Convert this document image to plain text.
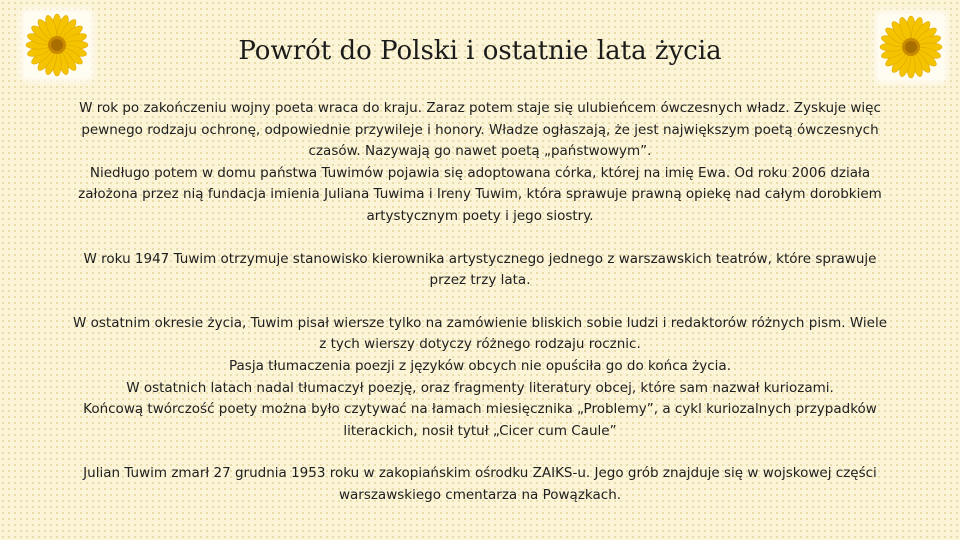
Powrót do Polski i ostatnie lata życia

W rok po zakończeniu wojny poeta wraca do kraju. Zaraz potem staje się ulubieńcem ówczesnych władz. Zyskuje więc pewnego rodzaju ochronę, odpowiednie przywileje i honory. Władze ogłaszają, że jest największym poetą ówczesnych czasów. Nazywają go nawet poetą „państwowym”.

Niedługo potem w domu państwa Tuwimów pojawia się adoptowana córka, której na imię Ewa. Od roku 2006 działa założona przez nią fundacja imienia Juliana Tuwima i Ireny Tuwim, która sprawuje prawną opiekę nad całym dorobkiem artystycznym poety i jego siostry.

W roku 1947 Tuwim otrzymuje stanowisko kierownika artystycznego jednego z warszawskich teatrów, które sprawuje przez trzy lata.

W ostatnim okresie życia, Tuwim pisał wiersze tylko na zamówienie bliskich sobie ludzi i redaktorów różnych pism. Wiele z tych wierszy dotyczy różnego rodzaju rocznic.

Pasja tłumaczenia poezji z języków obcych nie opuściła go do końca życia.

W ostatnich latach nadal tłumaczył poezję, oraz fragmenty literatury obcej, które sam nazwał kuriozami.

Końcową twórczość poety można było czytywać na łamach miesięcznika „Problemy”, a cykl kuriozalnych przypadków literackich, nosił tytuł „Cicer cum Caule”

Julian Tuwim zmarł 27 grudnia 1953 roku w zakopiańskim ośrodku ZAIKS-u. Jego grób znajduje się w wojskowej części warszawskiego cmentarza na Powązkach.
